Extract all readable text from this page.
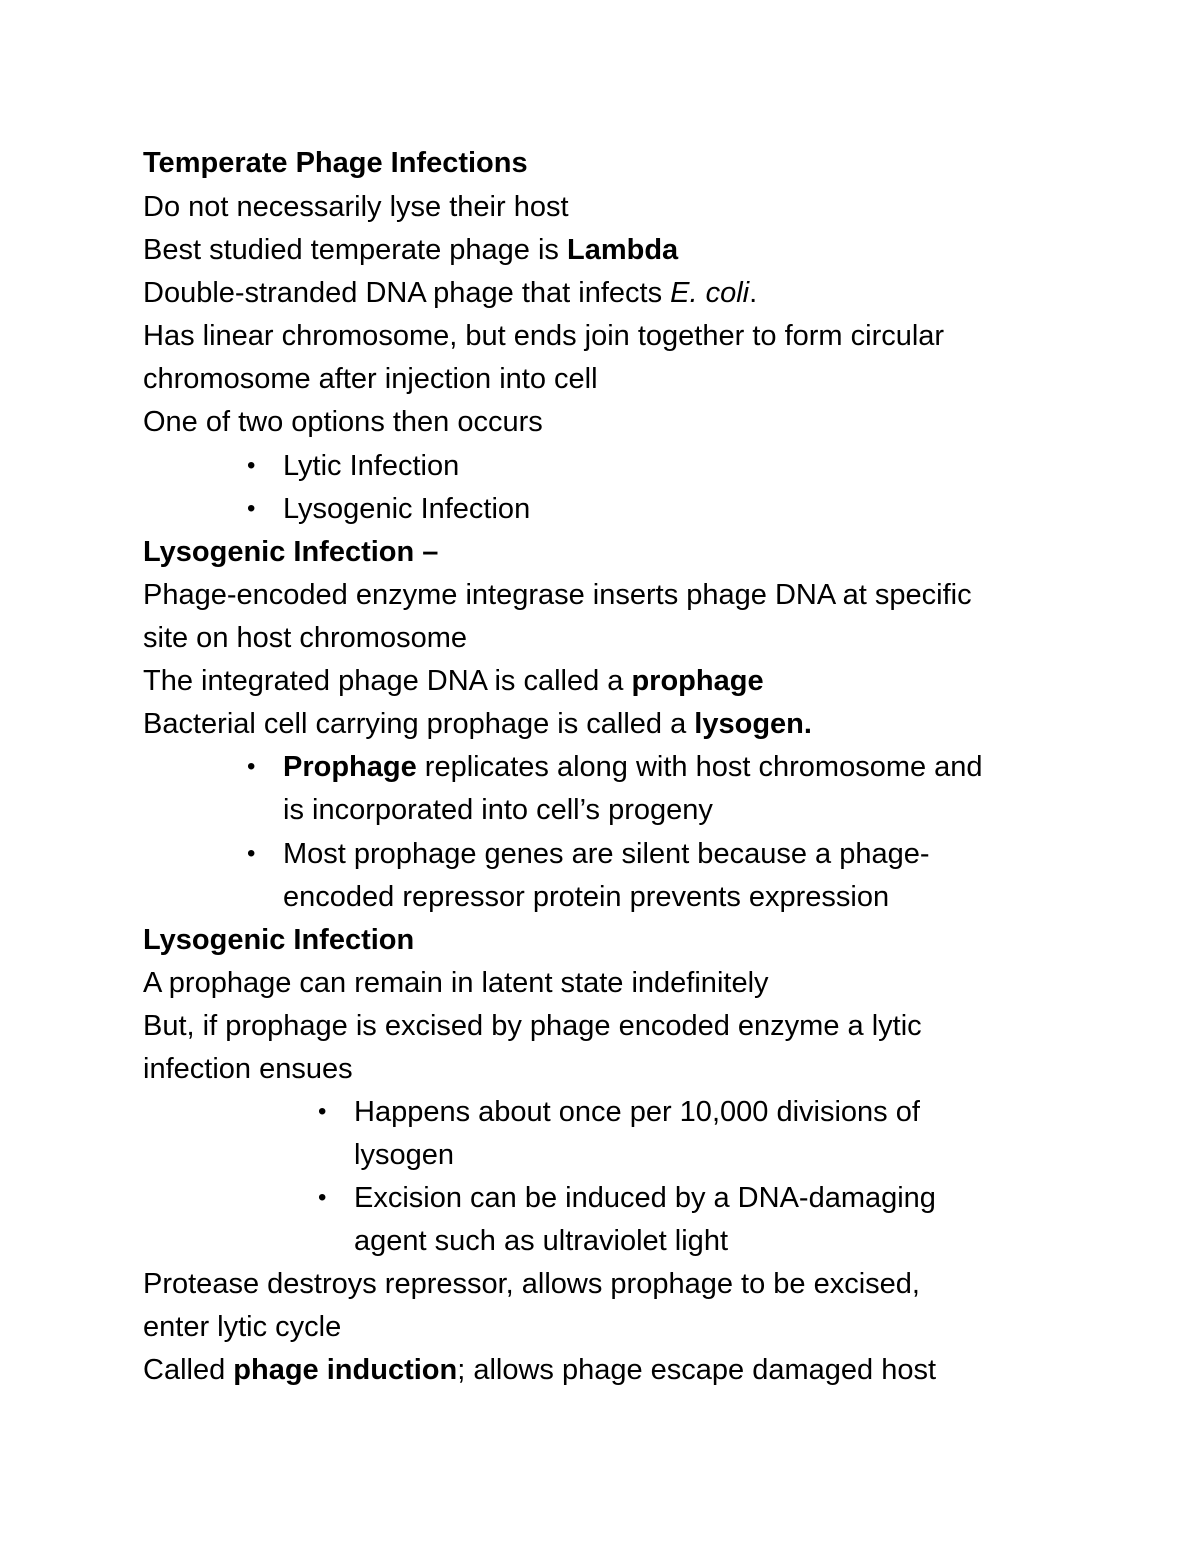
Temperate Phage Infections
Do not necessarily lyse their host
Best studied temperate phage is Lambda
Double-stranded DNA phage that infects E. coli.
Has linear chromosome, but ends join together to form circular
chromosome after injection into cell
One of two options then occurs
• Lytic Infection
• Lysogenic Infection
Lysogenic Infection –
Phage-encoded enzyme integrase inserts phage DNA at specific
site on host chromosome
The integrated phage DNA is called a prophage
Bacterial cell carrying prophage is called a lysogen.
• Prophage replicates along with host chromosome and
is incorporated into cell’s progeny
• Most prophage genes are silent because a phage-
encoded repressor protein prevents expression
Lysogenic Infection
A prophage can remain in latent state indefinitely
But, if prophage is excised by phage encoded enzyme a lytic
infection ensues
• Happens about once per 10,000 divisions of
lysogen
• Excision can be induced by a DNA-damaging
agent such as ultraviolet light
Protease destroys repressor, allows prophage to be excised,
enter lytic cycle
Called phage induction; allows phage escape damaged host
